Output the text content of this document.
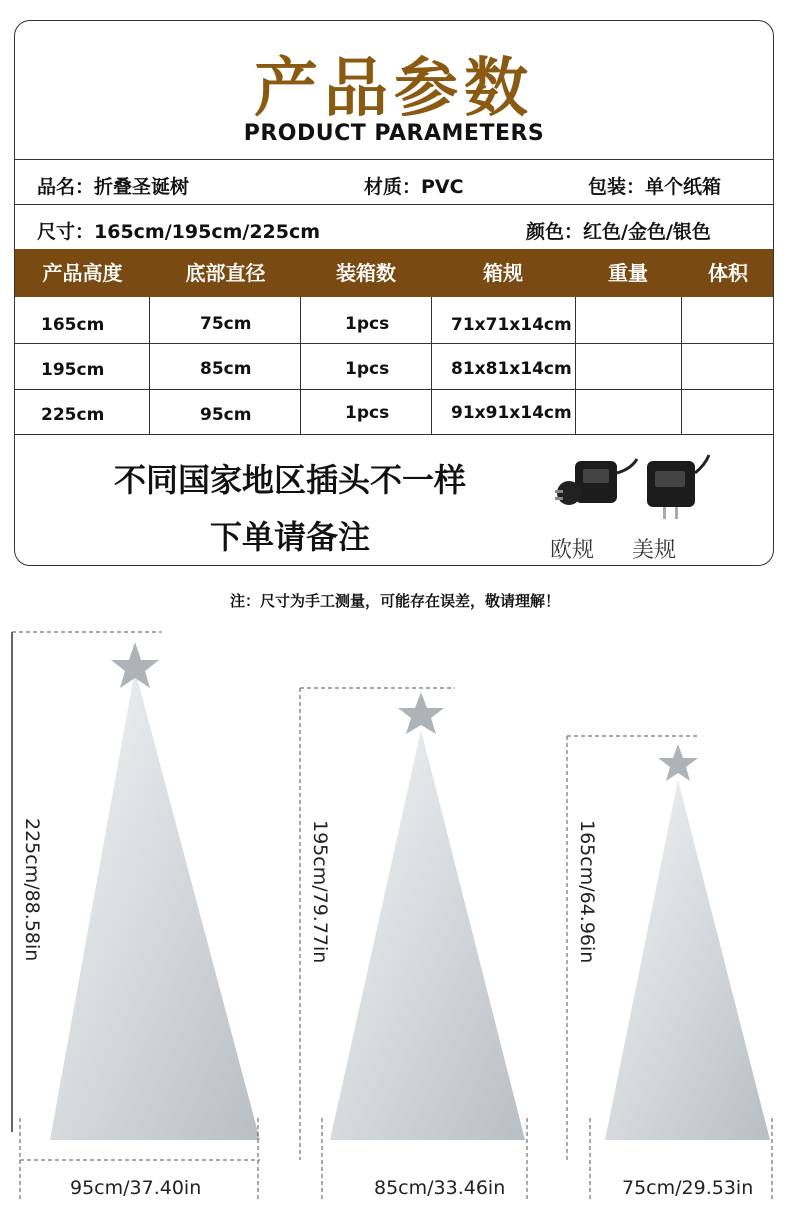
产品参数
PRODUCT PARAMETERS
品名：折叠圣诞树	材质：PVC	包装：单个纸箱
尺寸：165cm/195cm/225cm	颜色：红色/金色/银色
产品高度	底部直径	装箱数	箱规	重量	体积
165cm	75cm	1pcs	71x71x14cm
195cm	85cm	1pcs	81x81x14cm
225cm	95cm	1pcs	91x91x14cm
不同国家地区插头不一样
下单请备注	欧规 美规
注：尺寸为手工测量，可能存在误差，敬请理解！
225cm/88.58in	195cm/79.77in	165cm/64.96in
95cm/37.40in	85cm/33.46in	75cm/29.53in
